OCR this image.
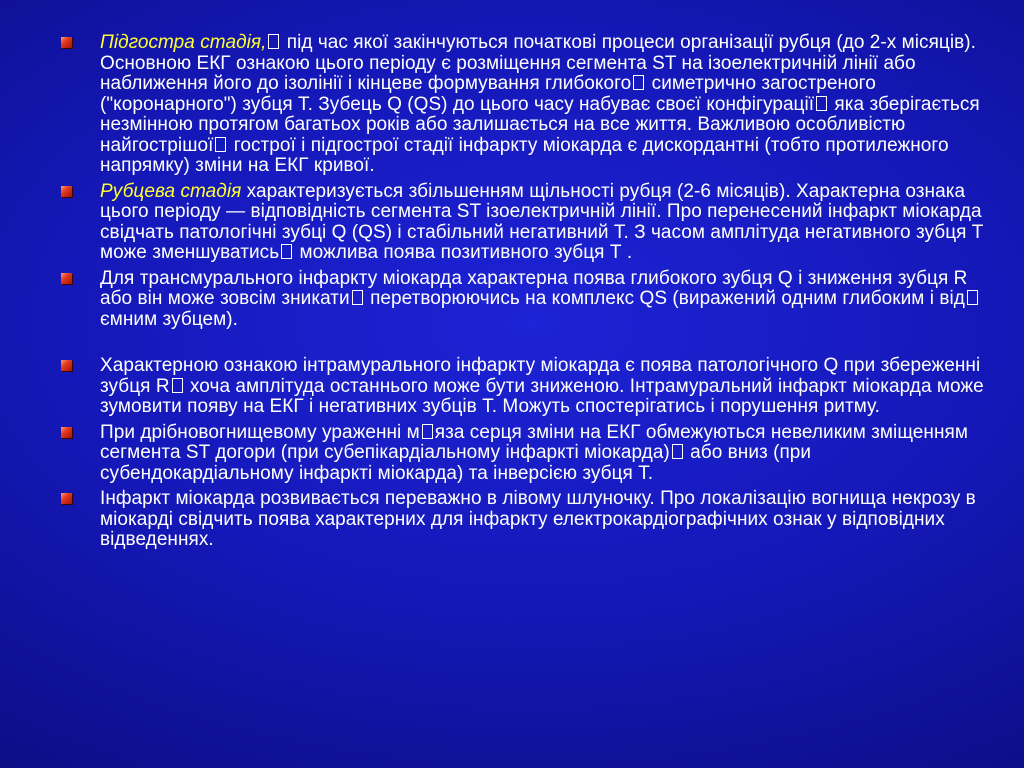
Підгостра стадія, під час якої закінчуються початкові процеси організації рубця (до 2-х місяців). Основною ЕКГ ознакою цього періоду є розміщення сегмента ST на ізоелектричній лінії або наближення його до ізолінії і кінцеве формування глибокого симетрично загостреного ("коронарного") зубця Т. Зубець Q (QS) до цього часу набуває своєї конфігурації яка зберігається незмінною протягом багатьох років або залишається на все життя. Важливою особливістю найгострішої гострої і підгострої стадії інфаркту міокарда є дискордантні (тобто протилежного напрямку) зміни на ЕКГ кривої.
Рубцева стадія характеризується збільшенням щільності рубця (2-6 місяців). Характерна ознака цього періоду — відповідність сегмента ST ізоелектричній лінії. Про перенесений інфаркт міокарда свідчать патологічні зубці Q (QS) і стабільний негативний Т. З часом амплітуда негативного зубця Т може зменшуватись можлива поява позитивного зубця Т .
Для трансмурального інфаркту міокарда характерна поява глибокого зубця Q і зниження зубця R або він може зовсім зникати перетворюючись на комплекс QS (виражений одним глибоким і відємним зубцем).
Характерною ознакою інтрамурального інфаркту міокарда є поява патологічного Q при збереженні зубця R хоча амплітуда останнього може бути зниженою. Інтрамуральний інфаркт міокарда може зумовити появу на ЕКГ і негативних зубців Т. Можуть спостерігатись і порушення ритму.
При дрібновогнищевому ураженні м яза серця зміни на ЕКГ обмежуються невеликим зміщенням сегмента ST догори (при субепікардіальному інфаркті міокарда) або вниз (при субендокардіальному інфаркті міокарда) та інверсією зубця Т.
Інфаркт міокарда розвивається переважно в лівому шлуночку. Про локалізацію вогнища некрозу в міокарді свідчить поява характерних для інфаркту електрокардіографічних ознак у відповідних відведеннях.
